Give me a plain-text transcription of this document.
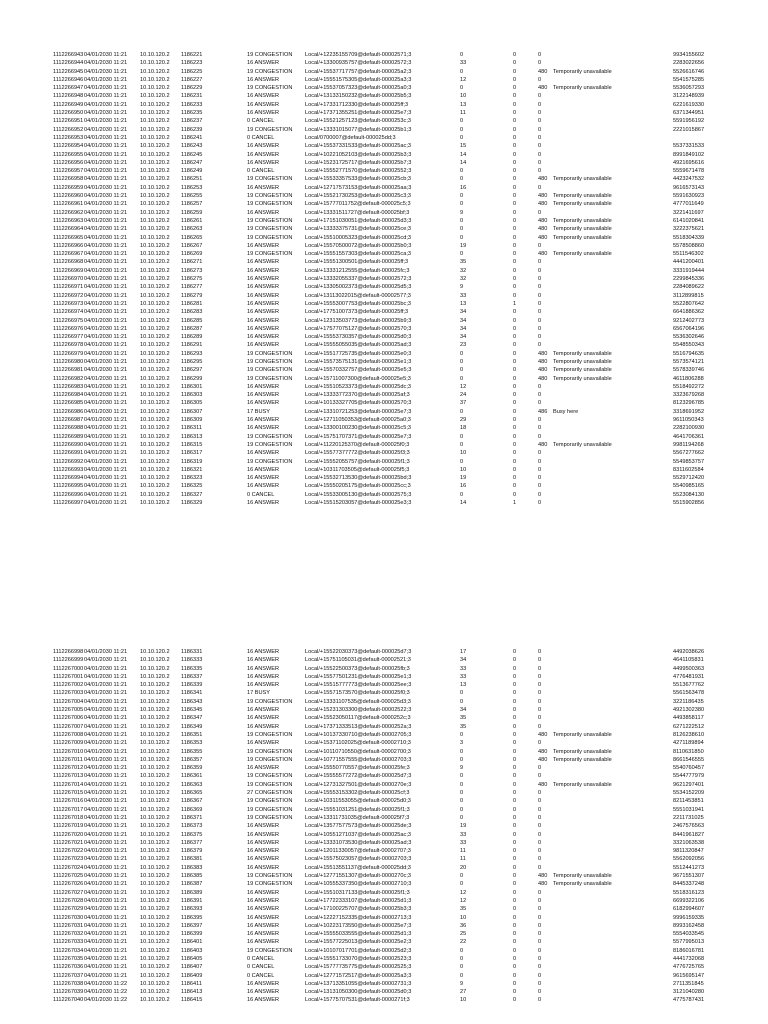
1112266943 04/01/2030 11:21 10.10.120.2 1186221	19 CONGESTION Local/+12235155709@default-00002571;3	0	0	0	9934155602
1112266944 04/01/2030 11:21 10.10.120.2 1186223	16 ANSWER	Local/+13300935757@default-00002572;3	33	0	0	2283022656
1112266945 04/01/2030 11:21 10.10.120.2 1186225	19 CONGESTION Local/+15537717757@default-000025a2;3	0	0	480 Temporarily unavailable	5526616746
1112266946 04/01/2030 11:21 10.10.120.2 1186227	16 ANSWER	Local/+15551575305@default-000025a3;3	12	0	0	5541575285
1112266947 04/01/2030 11:21 10.10.120.2 1186229	19 CONGESTION Local/+15537057323@default-000025a0;3	0	0	480 Temporarily unavailable	5536057293
1112266948 04/01/2030 11:21 10.10.120.2 1186231	16 ANSWER	Local/+13133150232@default-000025b5;3	10	0	0	3122148939
1112266949 04/01/2030 11:21 10.10.120.2 1186233	16 ANSWER	Local/+17331712330@default-000025ff;3	13	0	0	6221619330
1112266950 04/01/2030 11:21 10.10.120.2 1186235	16 ANSWER	Local/+17371355251@default-000025e7;3	11	0	0	6371344951
1112266951 04/01/2030 11:21 10.10.120.2 1186237	0 CANCEL	Local/+15521257123@default-0000253c;3	0	0	0	5591956192
1112266952 04/01/2030 11:21 10.10.120.2 1186239	19 CONGESTION Local/+13331015077@default-000025b1;3	0	0	0	2221015867
1112266953 04/01/2030 11:21 10.10.120.2 1186241	0 CANCEL	Local/0700007@default-000025dd;3	0	0	0
1112266954 04/01/2030 11:21 10.10.120.2 1186243	16 ANSWER	Local/+15537331533@default-000025ac;3	15	0	0	5537331533
1112266955 04/01/2030 11:21 10.10.120.2 1186245	16 ANSWER	Local/+10221052103@default-000025b3;3	14	0	0	8991849102
1112266956 04/01/2030 11:21 10.10.120.2 1186247	16 ANSWER	Local/+15231725717@default-000025b7;3	14	0	0	4921695616
1112266957 04/01/2030 11:21 10.10.120.2 1186249	0 CANCEL	Local/+15552771570@default-00002552;3	0	0	0	5559671478
1112266958 04/01/2030 11:21 10.10.120.2 1186251	19 CONGESTION Local/+15533357533@default-000025cb;3	0	0	480 Temporarily unavailable	4423247532
1112266959 04/01/2030 11:21 10.10.120.2 1186253	16 ANSWER	Local/+12717573153@default-000025aa;3	16	0	0	9616573143
1112266960 04/01/2030 11:21 10.10.120.2 1186255	19 CONGESTION Local/+15521730253@default-000025c3;3	0	0	480 Temporarily unavailable	5591630923
1112266961 04/01/2030 11:21 10.10.120.2 1186257	19 CONGESTION Local/+15777011752@default-000025c5;3	0	0	480 Temporarily unavailable	4777011649
1112266962 04/01/2030 11:21 10.10.120.2 1186259	16 ANSWER	Local/+13331511727@default-000025bf;3	9	0	0	3221411697
1112266963 04/01/2030 11:21 10.10.120.2 1186261	19 CONGESTION Local/+17151030051@default-000025d3;3	0	0	480 Temporarily unavailable	6141020841
1112266964 04/01/2030 11:21 10.10.120.2 1186263	19 CONGESTION Local/+13333375731@default-000025ce;3	0	0	480 Temporarily unavailable	3222375621
1112266965 04/01/2030 11:21 10.10.120.2 1186265	19 CONGESTION Local/+15510005323@default-000025cd;3	0	0	480 Temporarily unavailable	5518304339
1112266966 04/01/2030 11:21 10.10.120.2 1186267	16 ANSWER	Local/+15570500072@default-000025b0;3	19	0	0	5578508860
1112266967 04/01/2030 11:21 10.10.120.2 1186269	19 CONGESTION Local/+15551557303@default-000025ca;3	0	0	480 Temporarily unavailable	5511546302
1112266968 04/01/2030 11:21 10.10.120.2 1186271	16 ANSWER	Local/+15551300501@default-000025ff;3	35	0	0	4441200401
1112266969 04/01/2030 11:21 10.10.120.2 1186273	16 ANSWER	Local/+13331212555@default-000025fc;3	32	0	0	3331919444
1112266970 04/01/2030 11:21 10.10.120.2 1186275	16 ANSWER	Local/+13332055337@default-00002572;3	32	0	0	2299845336
1112266971 04/01/2030 11:21 10.10.120.2 1186277	16 ANSWER	Local/+13305002373@default-000025d5;3	9	0	0	2284089622
1112266972 04/01/2030 11:21 10.10.120.2 1186279	16 ANSWER	Local/+13113022015@default-00002577;3	33	0	0	3112899815
1112266973 04/01/2030 11:21 10.10.120.2 1186281	16 ANSWER	Local/+15553007753@default-000025bc;3	13	1	0	5522807642
1112266974 04/01/2030 11:21 10.10.120.2 1186283	16 ANSWER	Local/+17751007373@default-000025ff;3	34	0	0	6641886362
1112266975 04/01/2030 11:21 10.10.120.2 1186285	16 ANSWER	Local/+12313503773@default-000025b9;3	34	0	0	9212402773
1112266976 04/01/2030 11:21 10.10.120.2 1186287	16 ANSWER	Local/+17577075127@default-00002570;3	34	0	0	6567064196
1112266977 04/01/2030 11:21 10.10.120.2 1186289	16 ANSWER	Local/+15553730357@default-000025d0;3	34	0	0	5536302646
1112266978 04/01/2030 11:21 10.10.120.2 1186291	16 ANSWER	Local/+15555055035@default-000025ad;3	23	0	0	5548550343
1112266979 04/01/2030 11:21 10.10.120.2 1186293	19 CONGESTION Local/+15517725735@default-000025e0;3	0	0	480 Temporarily unavailable	5516794635
1112266980 04/01/2030 11:21 10.10.120.2 1186295	19 CONGESTION Local/+15573575131@default-000025e1;3	0	0	480 Temporarily unavailable	5573574121
1112266981 04/01/2030 11:21 10.10.120.2 1186297	19 CONGESTION Local/+15570332757@default-000025e5;3	0	0	480 Temporarily unavailable	5578339746
1112266982 04/01/2030 11:21 10.10.120.2 1186299	19 CONGESTION Local/+15711007300@default-000025e5;3	0	0	480 Temporarily unavailable	4611806288
1112266983 04/01/2030 11:21 10.10.120.2 1186301	16 ANSWER	Local/+15510523373@default-000025dc;3	12	0	0	5518492272
1112266984 04/01/2030 11:21 10.10.120.2 1186303	16 ANSWER	Local/+13333772370@default-000025af;3	24	0	0	3323679268
1112266985 04/01/2030 11:21 10.10.120.2 1186305	16 ANSWER	Local/+10133327705@default-00002570;3	37	0	0	8123296785
1112266986 04/01/2030 11:21 10.10.120.2 1186307	17 BUSY	Local/+13310721253@default-000025e7;3	0	0	486 Busy here	3318691952
1112266987 04/01/2030 11:21 10.10.120.2 1186309	16 ANSWER	Local/+12711050353@default-000025a0;3	29	0	0	9611050343
1112266988 04/01/2030 11:21 10.10.120.2 1186311	16 ANSWER	Local/+13300100230@default-000025c5;3	18	0	0	2282100930
1112266989 04/01/2030 11:21 10.10.120.2 1186313	19 CONGESTION Local/+15751707371@default-000025e7;3	0	0	0	4641706361
1112266990 04/01/2030 11:21 10.10.120.2 1186315	19 CONGESTION Local/+11220125370@default-000025f0;3	0	0	480 Temporarily unavailable	9981194268
1112266991 04/01/2030 11:21 10.10.120.2 1186317	16 ANSWER	Local/+15577377772@default-000025f3;3	10	0	0	5567277662
1112266992 04/01/2030 11:21 10.10.120.2 1186319	19 CONGESTION Local/+15552055757@default-000025f1;3	0	0	0	5549853757
1112266993 04/01/2030 11:21 10.10.120.2 1186321	16 ANSWER	Local/+10311703505@default-000025f5;3	10	0	0	8311602584
1112266994 04/01/2030 11:21 10.10.120.2 1186323	16 ANSWER	Local/+15532713530@default-000025bd;3	19	0	0	5529712420
1112266995 04/01/2030 11:21 10.10.120.2 1186325	16 ANSWER	Local/+15550205175@default-000025cc;3	16	0	0	5540985165
1112266996 04/01/2030 11:21 10.10.120.2 1186327	0 CANCEL	Local/+15533005130@default-00002575;3	0	0	0	5523084130
1112266997 04/01/2030 11:21 10.10.120.2 1186329	16 ANSWER	Local/+15515203057@default-000025e3;3	14	1	0	5515902856
1112266998 04/01/2030 11:21 10.10.120.2 1186331	16 ANSWER	Local/+15522030373@default-000025d7;3	17	0	0	4492038626
1112266999 04/01/2030 11:21 10.10.120.2 1186333	16 ANSWER	Local/+15751105031@default-00002521;3	34	0	0	4641105831
1112267000 04/01/2030 11:21 10.10.120.2 1186335	16 ANSWER	Local/+15522500373@default-000025fb;3	33	0	0	4499500363
1112267001 04/01/2030 11:21 10.10.120.2 1186337	16 ANSWER	Local/+15577501231@default-000025e1;3	33	0	0	4776481931
1112267002 04/01/2030 11:21 10.10.120.2 1186339	16 ANSWER	Local/+15515777773@default-000025ee;3	13	0	0	5513677762
1112267003 04/01/2030 11:21 10.10.120.2 1186341	17 BUSY	Local/+15571573570@default-000025f0;3	0	0	0	5561563478
1112267004 04/01/2030 11:21 10.10.120.2 1186343	19 CONGESTION Local/+13331107535@default-000025d3;3	0	0	0	3221186435
1112267005 04/01/2030 11:21 10.10.120.2 1186345	16 ANSWER	Local/+15231303300@default-00002522;3	34	0	0	4921302380
1112267006 04/01/2030 11:21 10.10.120.2 1186347	16 ANSWER	Local/+15523050117@default-0000252c;3	35	0	0	4493858117
1112267007 04/01/2030 11:21 10.10.120.2 1186349	16 ANSWER	Local/+17371333513@default-0000252a;3	35	0	0	6271222512
1112267008 04/01/2030 11:21 10.10.120.2 1186351	19 CONGESTION Local/+10137330710@default-00002705;3	0	0	480 Temporarily unavailable	8126238610
1112267009 04/01/2030 11:21 10.10.120.2 1186353	16 ANSWER	Local/+15371102025@default-00002710;3	3	0	0	4271189894
1112267010 04/01/2030 11:21 10.10.120.2 1186355	19 CONGESTION Local/+10110710550@default-00002700;3	0	0	480 Temporarily unavailable	8110631850
1112267011 04/01/2030 11:21 10.10.120.2 1186357	19 CONGESTION Local/+10771557555@default-00002703;3	0	0	480 Temporarily unavailable	8661546555
1112267012 04/01/2030 11:21 10.10.120.2 1186359	16 ANSWER	Local/+15550770557@default-000025fe;3	9	0	0	5540760457
1112267013 04/01/2030 11:21 10.10.120.2 1186361	19 CONGESTION Local/+15555577272@default-000025d7;3	0	0	0	5544777979
1112267014 04/01/2030 11:21 10.10.120.2 1186363	19 CONGESTION Local/+12731327501@default-0000270e;3	0	0	480 Temporarily unavailable	9621297401
1112267015 04/01/2030 11:21 10.10.120.2 1186365	27 CONGESTION Local/+15553153302@default-000025cf;3	0	0	0	5534152209
1112267016 04/01/2030 11:21 10.10.120.2 1186367	19 CONGESTION Local/+10311553055@default-000025d0;3	0	0	0	8211453851
1112267017 04/01/2030 11:21 10.10.120.2 1186369	19 CONGESTION Local/+15551031251@default-000025f1;3	0	0	0	5551031941
1112267018 04/01/2030 11:21 10.10.120.2 1186371	19 CONGESTION Local/+13311731035@default-000025f7;3	0	0	0	2211731025
1112267019 04/01/2030 11:21 10.10.120.2 1186373	16 ANSWER	Local/+13577577573@default-000025de;3	19	0	0	2467576563
1112267020 04/01/2030 11:21 10.10.120.2 1186375	16 ANSWER	Local/+10551271037@default-000025ac;3	33	0	0	8441961827
1112267021 04/01/2030 11:21 10.10.120.2 1186377	16 ANSWER	Local/+13331073530@default-000025ad;3	33	0	0	3321063538
1112267022 04/01/2030 11:21 10.10.120.2 1186379	16 ANSWER	Local/+12011330057@default-00002707;3	11	0	0	9811320847
1112267023 04/01/2030 11:21 10.10.120.2 1186381	16 ANSWER	Local/+15575023057@default-00002703;3	11	0	0	5562092056
1112267024 04/01/2030 11:21 10.10.120.2 1186383	16 ANSWER	Local/+15513551137@default-000025dd;3	20	0	0	5512441273
1112267025 04/01/2030 11:21 10.10.120.2 1186385	19 CONGESTION Local/+12771551307@default-0000270c;3	0	0	480 Temporarily unavailable	9671551307
1112267026 04/01/2030 11:21 10.10.120.2 1186387	19 CONGESTION Local/+10555337350@default-00002710;3	0	0	480 Temporarily unavailable	8445337248
1112267027 04/01/2030 11:21 10.10.120.2 1186389	16 ANSWER	Local/+15510317133@default-000025f1;3	12	0	0	5518316123
1112267028 04/01/2030 11:21 10.10.120.2 1186391	16 ANSWER	Local/+17722333107@default-000025d1;3	12	0	0	6699322106
1112267029 04/01/2030 11:21 10.10.120.2 1186393	16 ANSWER	Local/+17100225707@default-000025b3;3	35	0	0	6182994607
1112267030 04/01/2030 11:21 10.10.120.2 1186395	16 ANSWER	Local/+12227152335@default-00002713;3	10	0	0	9996159335
1112267031 04/01/2030 11:21 10.10.120.2 1186397	16 ANSWER	Local/+10223173550@default-000025e7;3	36	0	0	8993162458
1112267032 04/01/2030 11:21 10.10.120.2 1186399	16 ANSWER	Local/+15555033555@default-000025d1;3	25	0	0	5554033545
1112267033 04/01/2030 11:21 10.10.120.2 1186401	16 ANSWER	Local/+15577225013@default-000025e2;3	22	0	0	5577995013
1112267034 04/01/2030 11:21 10.10.120.2 1186403	19 CONGESTION Local/+10107017701@default-000025d2;3	0	0	0	8186016781
1112267035 04/01/2030 11:21 10.10.120.2 1186405	0 CANCEL	Local/+15551733070@default-00002523;3	0	0	0	4441732068
1112267036 04/01/2030 11:21 10.10.120.2 1186407	0 CANCEL	Local/+15777735775@default-00002525;3	0	0	0	4776725765
1112267037 04/01/2030 11:21 10.10.120.2 1186409	0 CANCEL	Local/+12771572517@default-000025a3;3	0	0	0	9615695147
1112267038 04/01/2030 11:22 10.10.120.2 1186411	16 ANSWER	Local/+13713351055@default-00002731;3	9	0	0	2711351845
1112267039 04/01/2030 11:22 10.10.120.2 1186413	16 ANSWER	Local/+13131050300@default-000025d0;3	27	0	0	3121040280
1112267040 04/01/2030 11:22 10.10.120.2 1186415	16 ANSWER	Local/+15775707531@default-0000271f;3	10	0	0	4775787431
